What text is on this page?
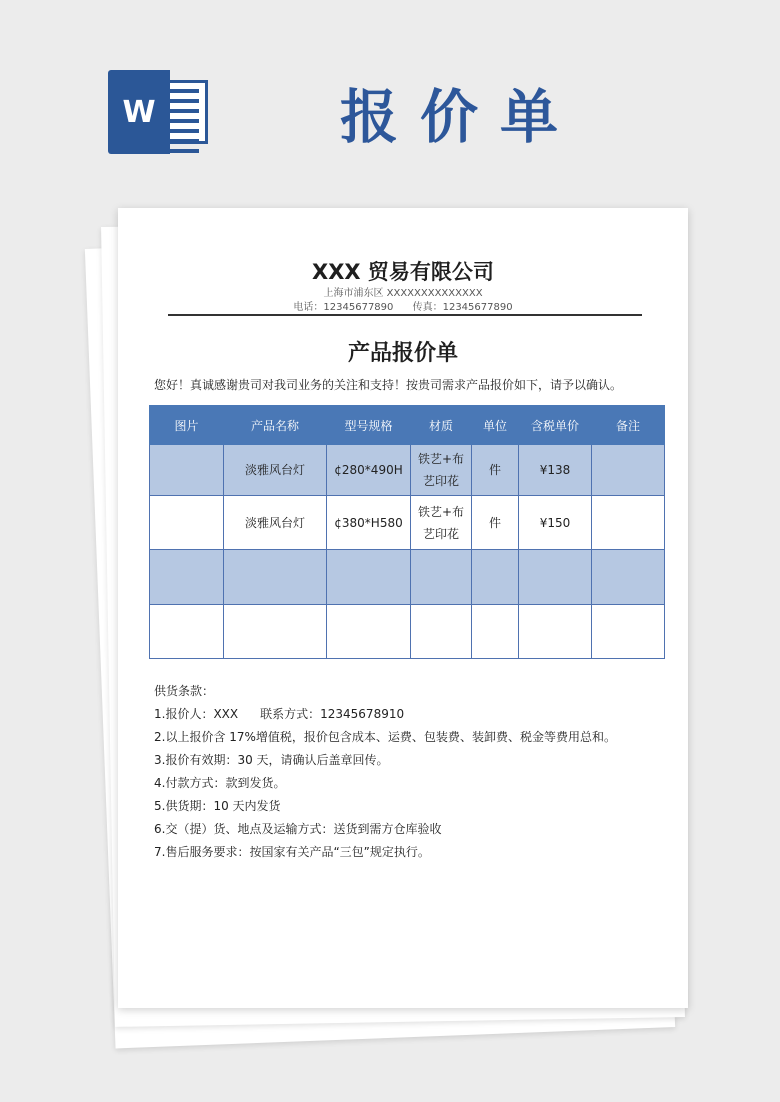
W	报价单
XXX 贸易有限公司
上海市浦东区 XXXXXXXXXXXXXX
电话：12345677890 传真：12345677890
产品报价单
您好！真诚感谢贵司对我司业务的关注和支持！按贵司需求产品报价如下，请予以确认。
图片	产品名称	型号规格	材质	单位	含税单价	备注
	淡雅风台灯	¢280*490H	铁艺+布艺印花	件	¥138	
	淡雅风台灯	¢380*H580	铁艺+布艺印花	件	¥150	

供货条款：
1.报价人：XXX 联系方式：12345678910
2.以上报价含 17%增值税，报价包含成本、运费、包装费、装卸费、税金等费用总和。
3.报价有效期：30 天，请确认后盖章回传。
4.付款方式：款到发货。
5.供货期：10 天内发货
6.交（提）货、地点及运输方式：送货到需方仓库验收
7.售后服务要求：按国家有关产品“三包”规定执行。
